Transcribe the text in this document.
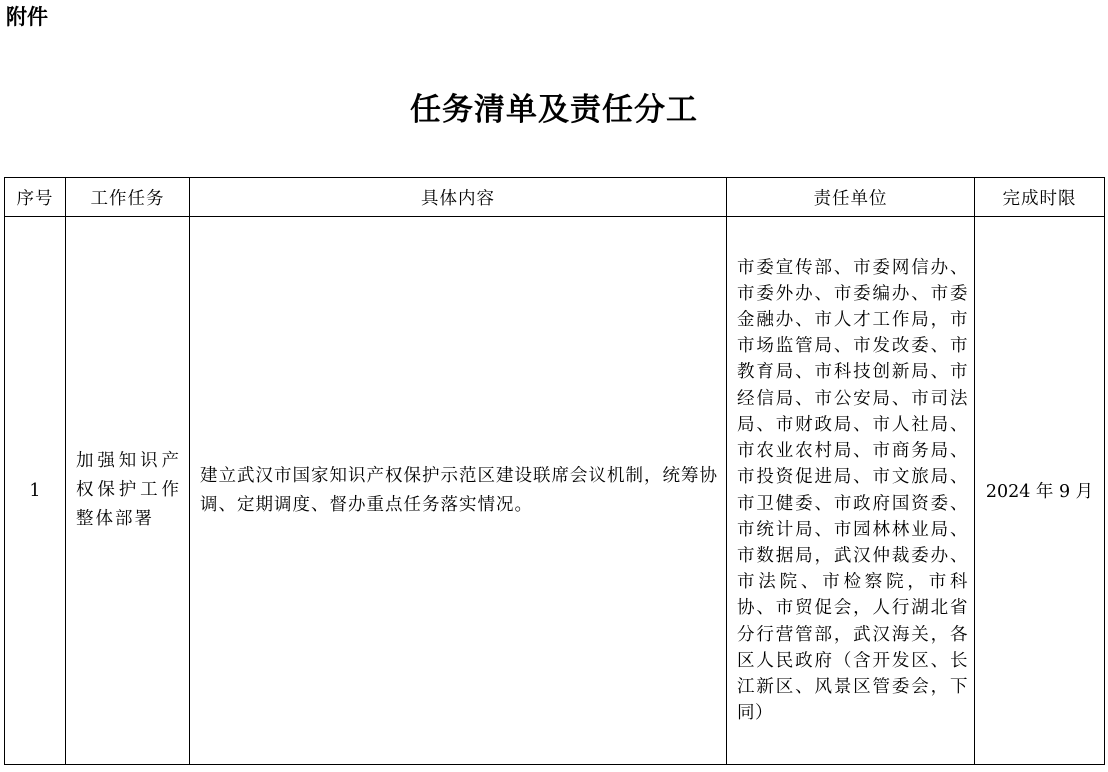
附件
任务清单及责任分工
序号	工作任务	具体内容	责任单位	完成时限
1	加强知识产权保护工作整体部署	建立武汉市国家知识产权保护示范区建设联席会议机制，统筹协调、定期调度、督办重点任务落实情况。	市委宣传部、市委网信办、市委外办、市委编办、市委金融办、市人才工作局，市市场监管局、市发改委、市教育局、市科技创新局、市经信局、市公安局、市司法局、市财政局、市人社局、市农业农村局、市商务局、市投资促进局、市文旅局、市卫健委、市政府国资委、市统计局、市园林林业局、市数据局，武汉仲裁委办、市法院、市检察院，市科协、市贸促会，人行湖北省分行营管部，武汉海关，各区人民政府（含开发区、长江新区、风景区管委会，下同）	2024 年 9 月
